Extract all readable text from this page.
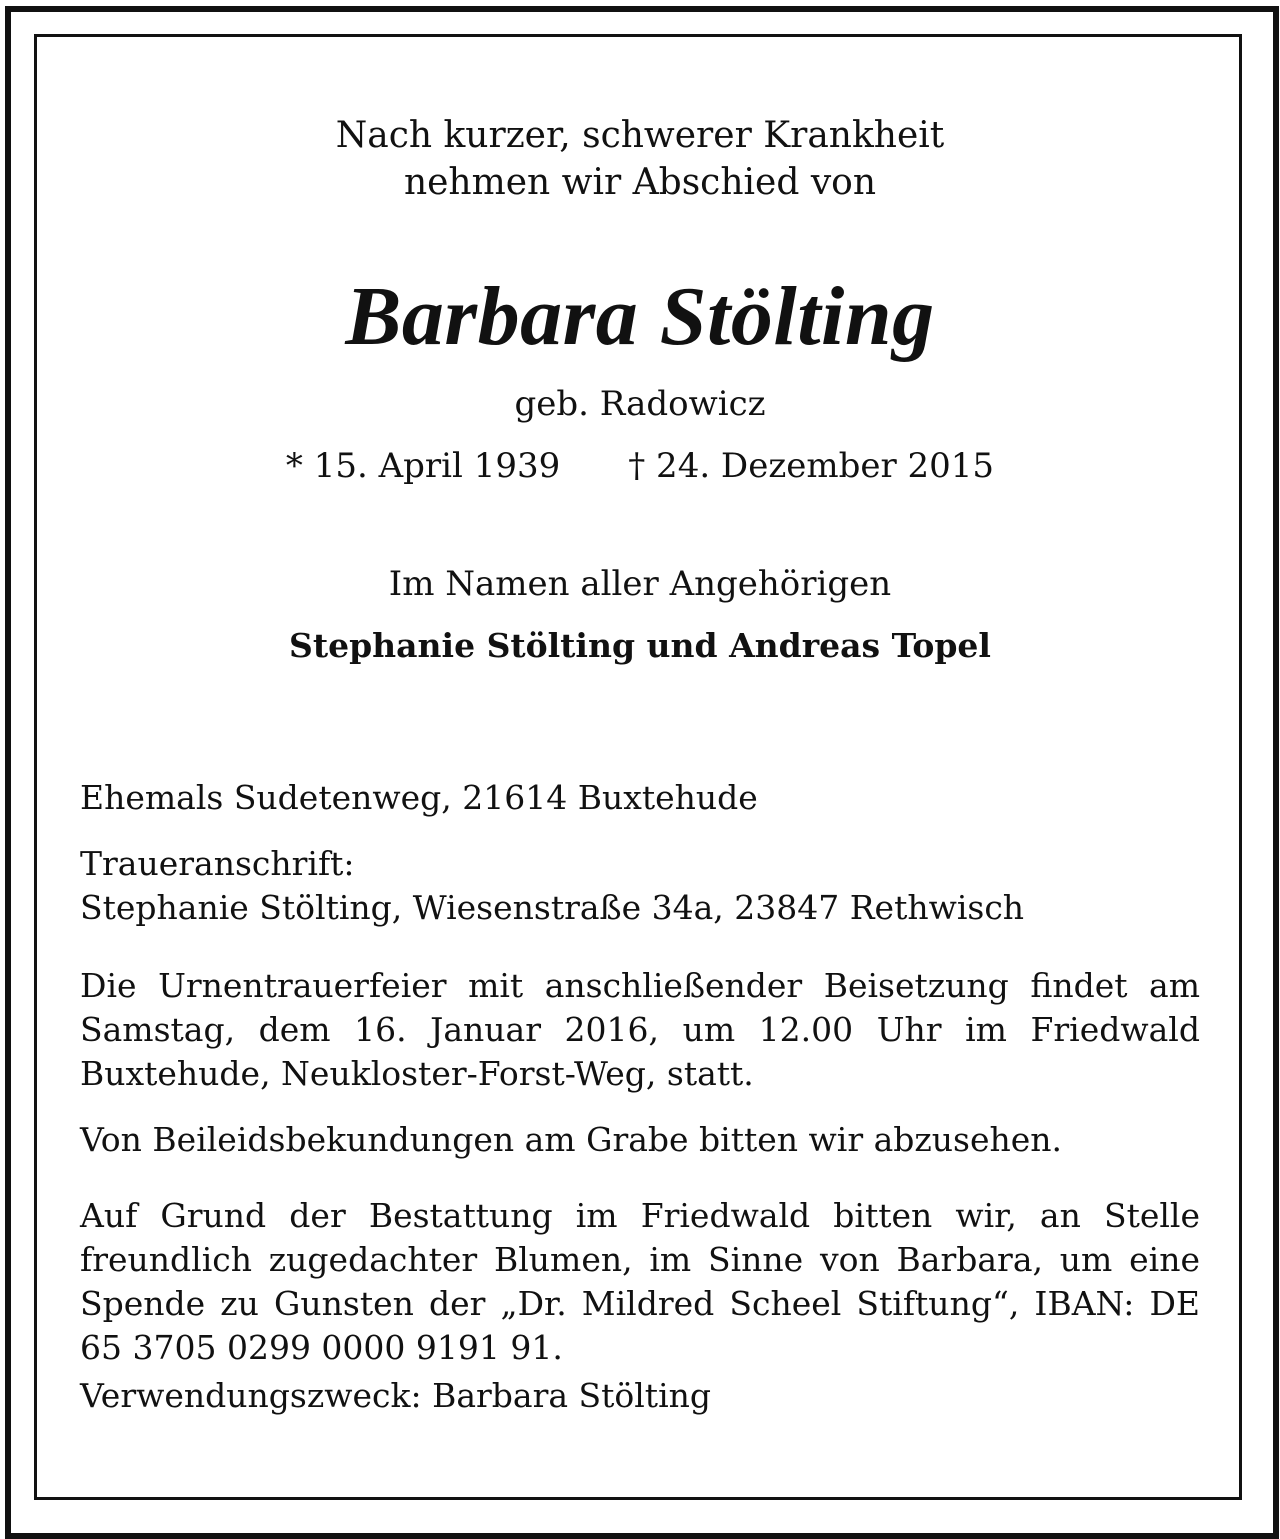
Nach kurzer, schwerer Krankheit
nehmen wir Abschied von
Barbara Stölting
geb. Radowicz
* 15. April 1939 † 24. Dezember 2015
Im Namen aller Angehörigen
Stephanie Stölting und Andreas Topel
Ehemals Sudetenweg, 21614 Buxtehude
Traueranschrift:
Stephanie Stölting, Wiesenstraße 34a, 23847 Rethwisch
Die Urnentrauerfeier mit anschließender Beisetzung findet am Samstag, dem 16. Januar 2016, um 12.00 Uhr im Friedwald Buxtehude, Neukloster-Forst-Weg, statt.
Von Beileidsbekundungen am Grabe bitten wir abzusehen.
Auf Grund der Bestattung im Friedwald bitten wir, an Stelle freundlich zugedachter Blumen, im Sinne von Barbara, um eine Spende zu Gunsten der „Dr. Mildred Scheel Stiftung“, IBAN: DE 65 3705 0299 0000 9191 91.
Verwendungszweck: Barbara Stölting
